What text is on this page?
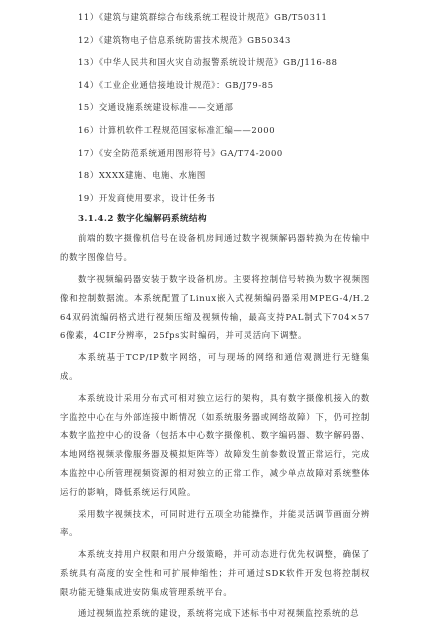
11）《建筑与建筑群综合布线系统工程设计规范》GB/T50311
12）《建筑物电子信息系统防雷技术规范》GB50343
13）《中华人民共和国火灾自动报警系统设计规范》GB/J116-88
14）《工业企业通信接地设计规范》：GB/J79-85
15）交通设施系统建设标准——交通部
16）计算机软件工程规范国家标准汇编——2000
17）《安全防范系统通用图形符号》GA/T74-2000
18）XXXX建施、电施、水施图
19）开发商使用要求，设计任务书
3.1.4.2 数字化编解码系统结构

前端的数字摄像机信号在设备机房间通过数字视频解码器转换为在传输中的数字图像信号。

数字视频编码器安装于数字设备机房。主要将控制信号转换为数字视频图像和控制数据流。本系统配置了Linux嵌入式视频编码器采用MPEG-4/H.264双码流编码格式进行视频压缩及视频传输，最高支持PAL制式下704×576像素，4CIF分辨率，25fps实时编码，并可灵活向下调整。

本系统基于TCP/IP数字网络，可与现场的网络和通信观测进行无缝集成。

本系统设计采用分布式可相对独立运行的架构，具有数字摄像机接入的数字监控中心在与外部连接中断情况（如系统服务器或网络故障）下，仍可控制本数字监控中心的设备（包括本中心数字摄像机、数字编码器、数字解码器、本地网络视频录像服务器及模拟矩阵等）故障发生前参数设置正常运行，完成本监控中心所管理视频资源的相对独立的正常工作，减少单点故障对系统整体运行的影响，降低系统运行风险。

采用数字视频技术，可同时进行五项全功能操作，并能灵活调节画面分辨率。

本系统支持用户权限和用户分级策略，并可动态进行优先权调整，确保了系统具有高度的安全性和可扩展伸缩性；并可通过SDK软件开发包将控制权限功能无缝集成进安防集成管理系统平台。

通过视频监控系统的建设，系统将完成下述标书中对视频监控系统的总
